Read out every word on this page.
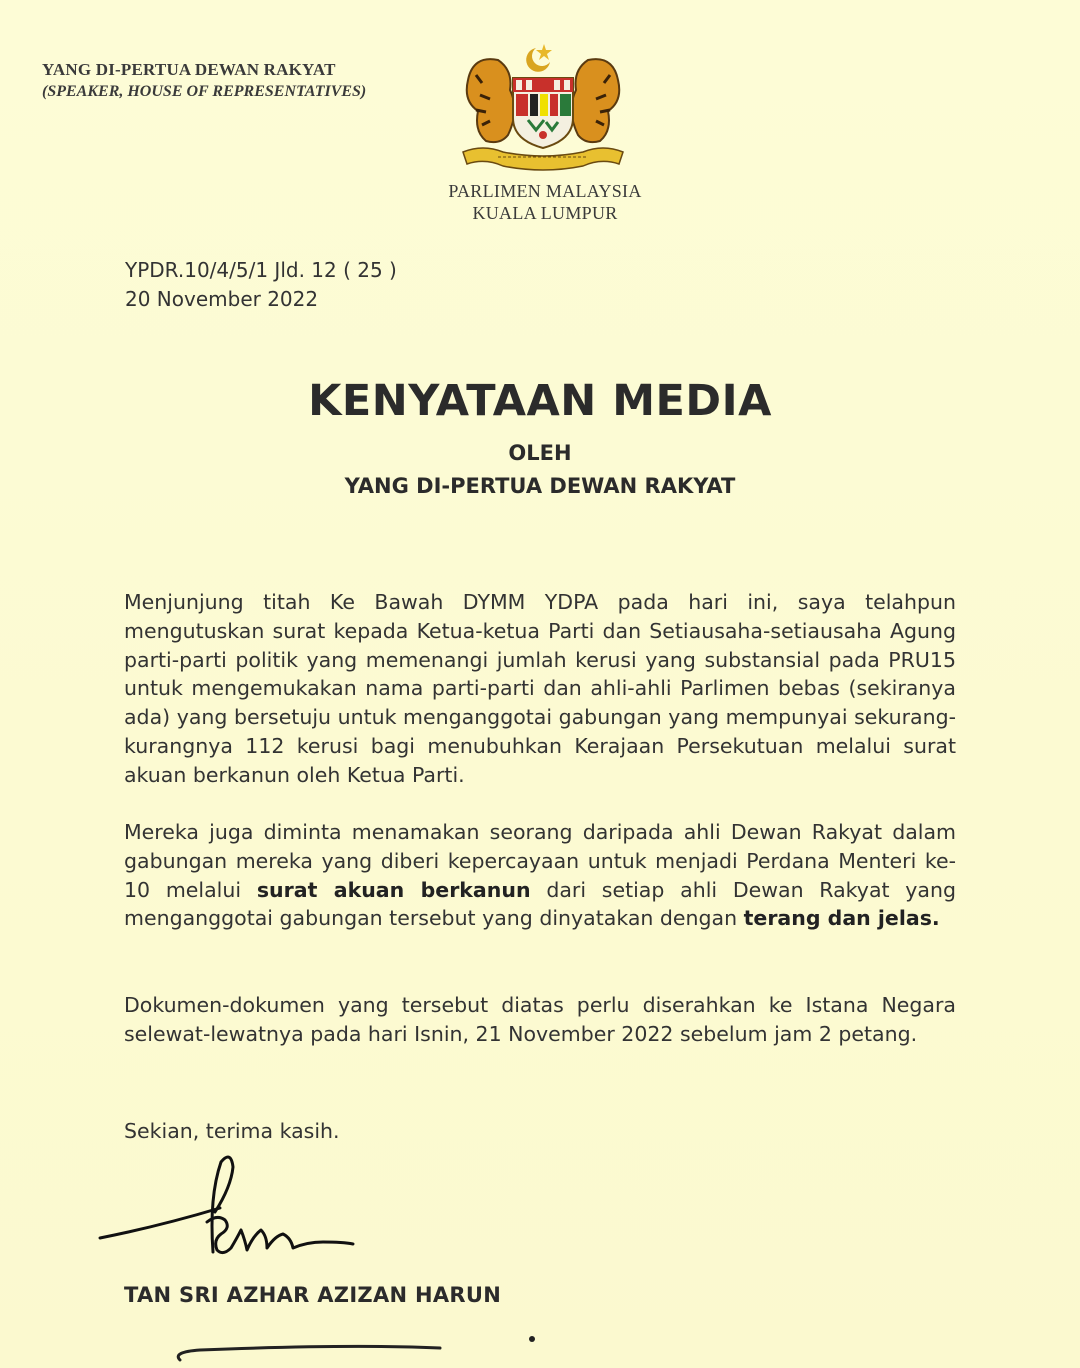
YANG DI-PERTUA DEWAN RAKYAT
(SPEAKER, HOUSE OF REPRESENTATIVES)
PARLIMEN MALAYSIA
KUALA LUMPUR
YPDR.10/4/5/1 Jld. 12 ( 25 )
20 November 2022
KENYATAAN MEDIA
OLEH
YANG DI-PERTUA DEWAN RAKYAT
Menjunjung titah Ke Bawah DYMM YDPA pada hari ini, saya telahpun mengutuskan surat kepada Ketua-ketua Parti dan Setiausaha-setiausaha Agung parti-parti politik yang memenangi jumlah kerusi yang substansial pada PRU15 untuk mengemukakan nama parti-parti dan ahli-ahli Parlimen bebas (sekiranya ada) yang bersetuju untuk menganggotai gabungan yang mempunyai sekurang-kurangnya 112 kerusi bagi menubuhkan Kerajaan Persekutuan melalui surat akuan berkanun oleh Ketua Parti.
Mereka juga diminta menamakan seorang daripada ahli Dewan Rakyat dalam gabungan mereka yang diberi kepercayaan untuk menjadi Perdana Menteri ke-10 melalui surat akuan berkanun dari setiap ahli Dewan Rakyat yang menganggotai gabungan tersebut yang dinyatakan dengan terang dan jelas.
Dokumen-dokumen yang tersebut diatas perlu diserahkan ke Istana Negara selewat-lewatnya pada hari Isnin, 21 November 2022 sebelum jam 2 petang.
Sekian, terima kasih.
TAN SRI AZHAR AZIZAN HARUN
